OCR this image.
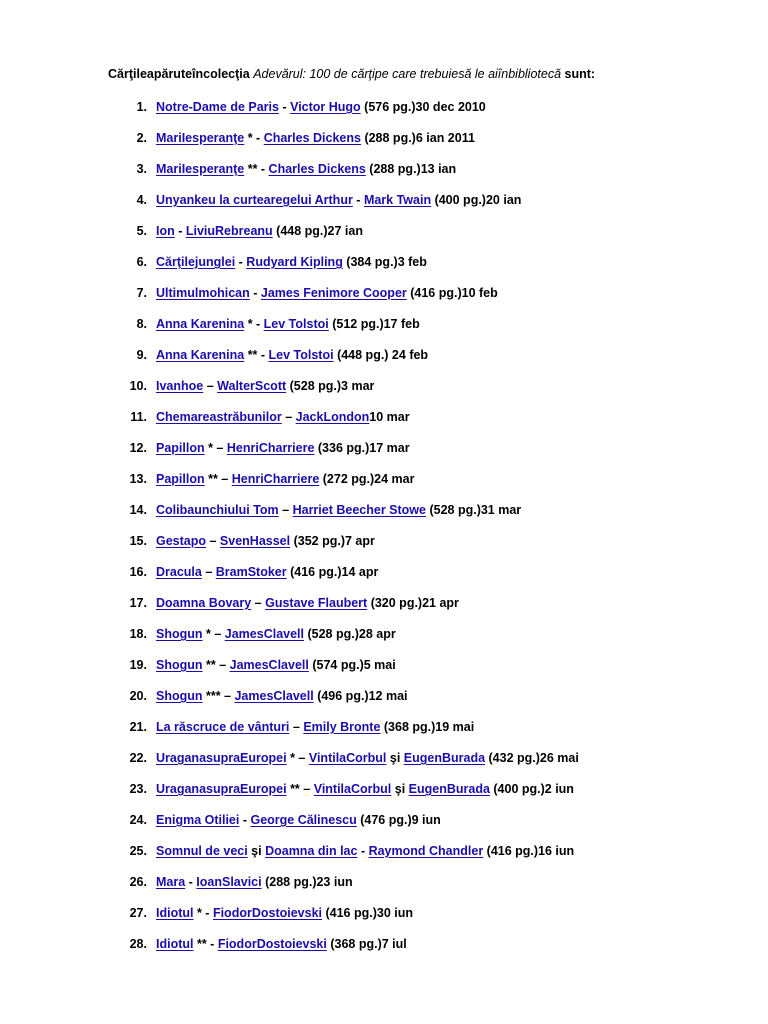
Cărţileapăruteîncolecţia Adevărul: 100 de cărţipe care trebuiesă le aiînbibliotecă sunt:
1. Notre-Dame de Paris - Victor Hugo (576 pg.)30 dec 2010
2. MariIesperanţe * - Charles Dickens (288 pg.)6 ian 2011
3. MariIesperanţe ** - Charles Dickens (288 pg.)13 ian
4. Unyankeu la curtearegelui Arthur - Mark Twain (400 pg.)20 ian
5. Ion - LiviuRebreanu (448 pg.)27 ian
6. Cărţilejunglei - Rudyard Kipling (384 pg.)3 feb
7. Ultimulmohican - James Fenimore Cooper (416 pg.)10 feb
8. Anna Karenina * - Lev Tolstoi (512 pg.)17 feb
9. Anna Karenina ** - Lev Tolstoi (448 pg.) 24 feb
10. Ivanhoe – WalterScott (528 pg.)3 mar
11. Chemareastrăbunilor – JackLondon10 mar
12. Papillon * – HenriCharriere (336 pg.)17 mar
13. Papillon ** – HenriCharriere (272 pg.)24 mar
14. Colibaunchiului Tom – Harriet Beecher Stowe (528 pg.)31 mar
15. Gestapo – SvenHassel (352 pg.)7 apr
16. Dracula – BramStoker (416 pg.)14 apr
17. Doamna Bovary – Gustave Flaubert (320 pg.)21 apr
18. Shogun * – JamesClavell (528 pg.)28 apr
19. Shogun ** – JamesClavell (574 pg.)5 mai
20. Shogun *** – JamesClavell (496 pg.)12 mai
21. La răscruce de vânturi – Emily Bronte (368 pg.)19 mai
22. UraganasupraEuropei * – VintilaCorbul şi EugenBurada (432 pg.)26 mai
23. UraganasupraEuropei ** – VintilaCorbul şi EugenBurada (400 pg.)2 iun
24. Enigma Otiliei - George Călinescu (476 pg.)9 iun
25. Somnul de veci şi Doamna din lac - Raymond Chandler (416 pg.)16 iun
26. Mara - IoanSlavici (288 pg.)23 iun
27. Idiotul * - FiodorDostoievski (416 pg.)30 iun
28. Idiotul ** - FiodorDostoievski (368 pg.)7 iul
